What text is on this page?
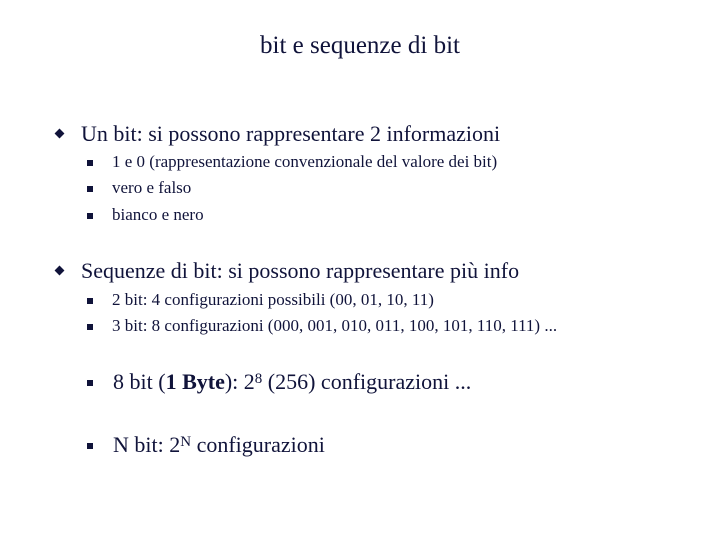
bit e sequenze di bit
Un bit: si possono rappresentare 2 informazioni
1 e 0 (rappresentazione convenzionale del valore dei bit)
vero e falso
bianco e nero
Sequenze di bit: si possono rappresentare più info
2 bit: 4 configurazioni possibili (00, 01, 10, 11)
3 bit: 8 configurazioni (000, 001, 010, 011, 100, 101, 110, 111) ...
8 bit (1 Byte): $2^8$ (256) configurazioni ...
N bit: $2^N$ configurazioni
